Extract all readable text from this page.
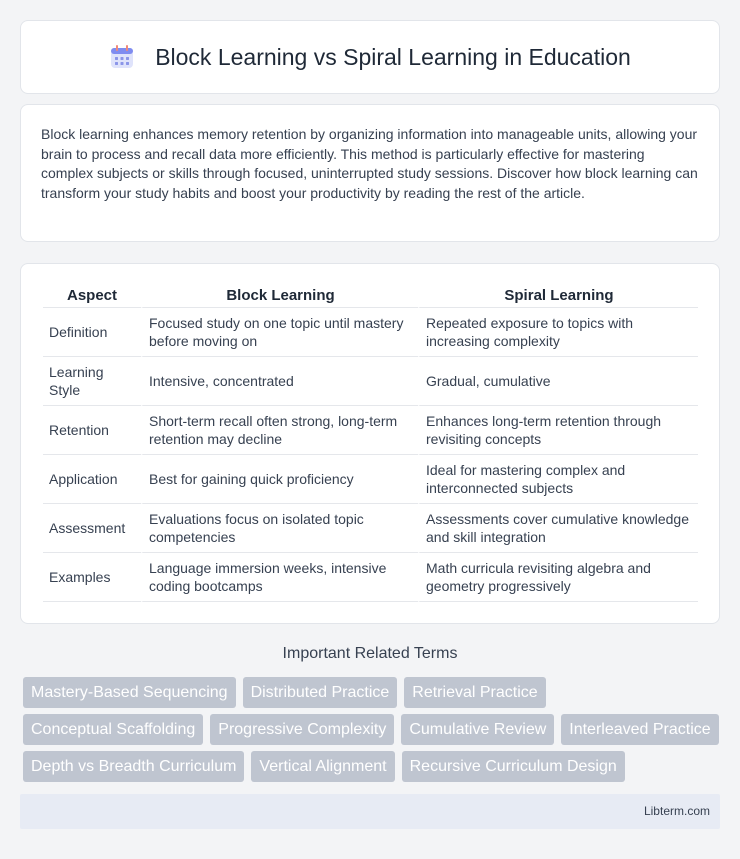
Block Learning vs Spiral Learning in Education

Block learning enhances memory retention by organizing information into manageable units, allowing your brain to process and recall data more efficiently. This method is particularly effective for mastering complex subjects or skills through focused, uninterrupted study sessions. Discover how block learning can transform your study habits and boost your productivity by reading the rest of the article.

Aspect	Block Learning	Spiral Learning
Definition	Focused study on one topic until mastery before moving on	Repeated exposure to topics with increasing complexity
Learning Style	Intensive, concentrated	Gradual, cumulative
Retention	Short-term recall often strong, long-term retention may decline	Enhances long-term retention through revisiting concepts
Application	Best for gaining quick proficiency	Ideal for mastering complex and interconnected subjects
Assessment	Evaluations focus on isolated topic competencies	Assessments cover cumulative knowledge and skill integration
Examples	Language immersion weeks, intensive coding bootcamps	Math curricula revisiting algebra and geometry progressively
Important Related Terms
Mastery-Based Sequencing	Distributed Practice	Retrieval Practice
Conceptual Scaffolding	Progressive Complexity	Cumulative Review	Interleaved Practice
Depth vs Breadth Curriculum	Vertical Alignment	Recursive Curriculum Design
Libterm.com
